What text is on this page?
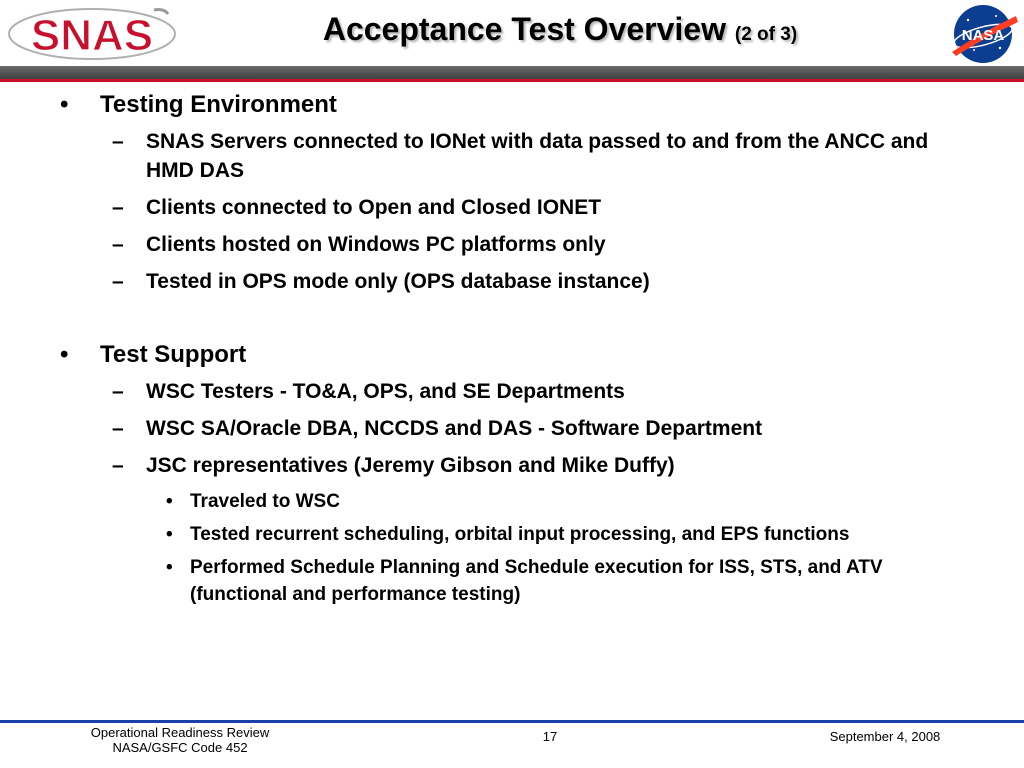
SNAS	Acceptance Test Overview (2 of 3)	NASA
• Testing Environment
– SNAS Servers connected to IONet with data passed to and from the ANCC and HMD DAS
– Clients connected to Open and Closed IONET
– Clients hosted on Windows PC platforms only
– Tested in OPS mode only (OPS database instance)
• Test Support
– WSC Testers - TO&A, OPS, and SE Departments
– WSC SA/Oracle DBA, NCCDS and DAS - Software Department
– JSC representatives (Jeremy Gibson and Mike Duffy)
• Traveled to WSC
• Tested recurrent scheduling, orbital input processing, and EPS functions
• Performed Schedule Planning and Schedule execution for ISS, STS, and ATV (functional and performance testing)
Operational Readiness Review
NASA/GSFC Code 452
17	September 4, 2008
